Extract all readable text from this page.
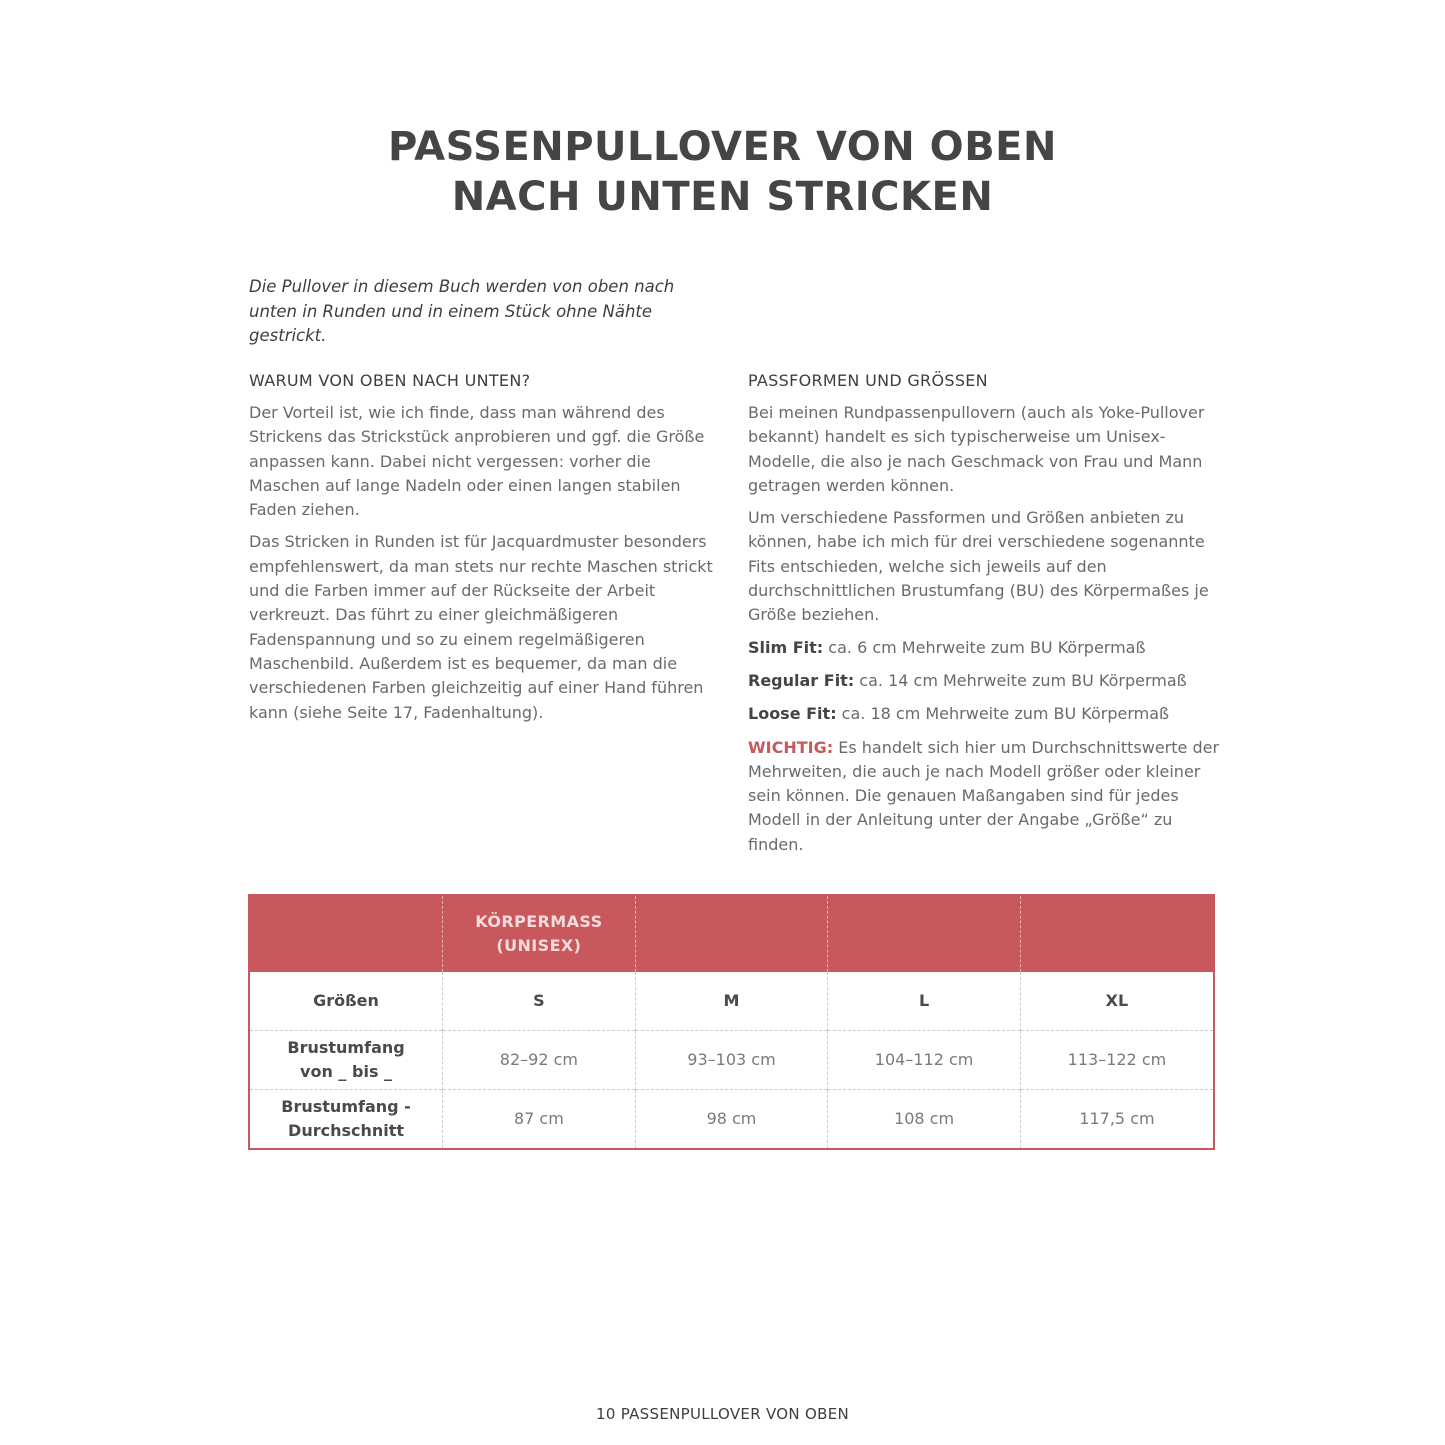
PASSENPULLOVER VON OBEN
NACH UNTEN STRICKEN

Die Pullover in diesem Buch werden von oben nach unten in Runden und in einem Stück ohne Nähte gestrickt.

WARUM VON OBEN NACH UNTEN?

Der Vorteil ist, wie ich finde, dass man während des Strickens das Strickstück anprobieren und ggf. die Größe anpassen kann. Dabei nicht vergessen: vorher die Maschen auf lange Nadeln oder einen langen stabilen Faden ziehen.

Das Stricken in Runden ist für Jacquardmuster besonders empfehlenswert, da man stets nur rechte Maschen strickt und die Farben immer auf der Rückseite der Arbeit verkreuzt. Das führt zu einer gleichmäßigeren Fadenspannung und so zu einem regelmäßigeren Maschenbild. Außerdem ist es bequemer, da man die verschiedenen Farben gleichzeitig auf einer Hand führen kann (siehe Seite 17, Fadenhaltung).

PASSFORMEN UND GRÖSSEN

Bei meinen Rundpassenpullovern (auch als Yoke-Pullover bekannt) handelt es sich typischerweise um Unisex-Modelle, die also je nach Geschmack von Frau und Mann getragen werden können.

Um verschiedene Passformen und Größen anbieten zu können, habe ich mich für drei verschiedene sogenannte Fits entschieden, welche sich jeweils auf den durchschnittlichen Brustumfang (BU) des Körpermaßes je Größe beziehen.

Slim Fit: ca. 6 cm Mehrweite zum BU Körpermaß

Regular Fit: ca. 14 cm Mehrweite zum BU Körpermaß

Loose Fit: ca. 18 cm Mehrweite zum BU Körpermaß

WICHTIG: Es handelt sich hier um Durchschnittswerte der Mehrweiten, die auch je nach Modell größer oder kleiner sein können. Die genauen Maßangaben sind für jedes Modell in der Anleitung unter der Angabe „Größe“ zu finden.

	KÖRPERMASS
(UNISEX)			

Größen	S	M	L	XL

Brustumfang
von _ bis _	82–92 cm	93–103 cm	104–112 cm	113–122 cm

Brustumfang -
Durchschnitt	87 cm	98 cm	108 cm	117,5 cm
10 PASSENPULLOVER VON OBEN
